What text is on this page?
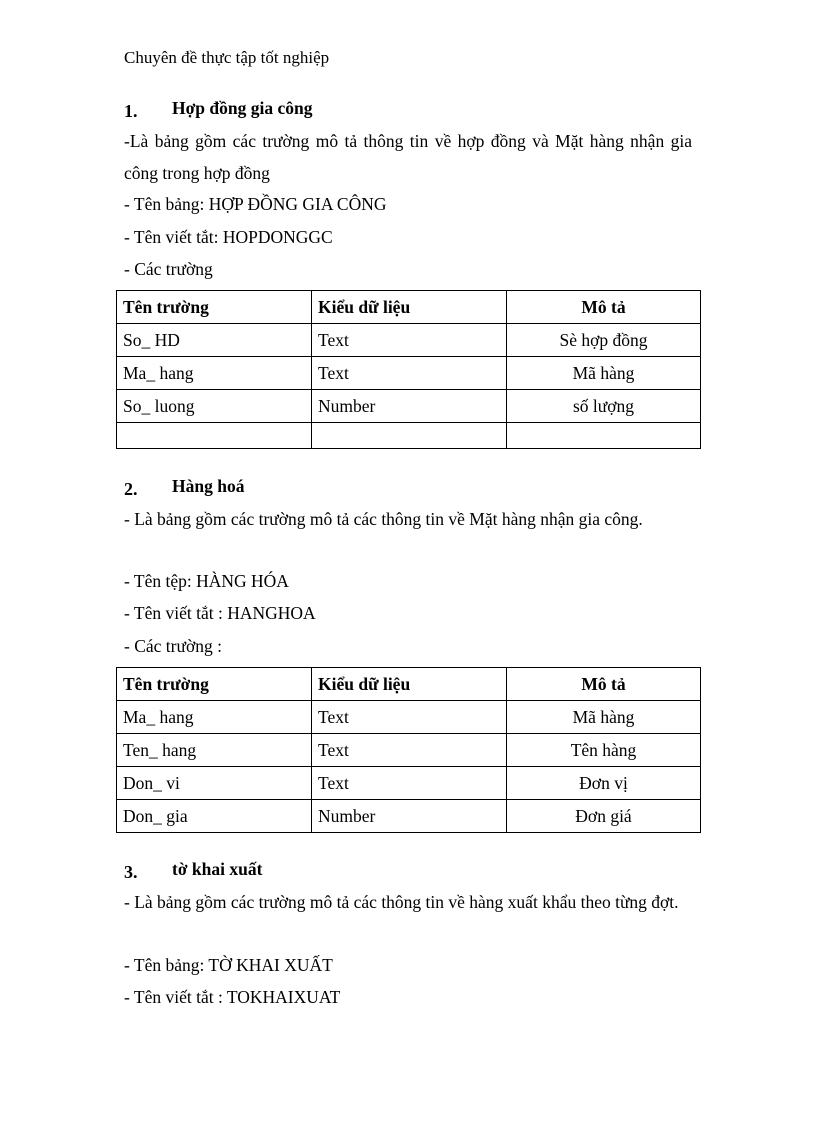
Chuyên đề thực tập tốt nghiệp
1. Hợp đồng gia công
-Là bảng gồm các trường mô tả thông tin về hợp đồng và Mặt hàng nhận gia công trong hợp đồng
- Tên bảng: HỢP ĐỒNG GIA CÔNG
- Tên viết tắt: HOPDONGGC
- Các trường
Tên trường	Kiểu dữ liệu	Mô tả
So_ HD	Text	Sè hợp đồng
Ma_ hang	Text	Mã hàng
So_ luong	Number	số lượng

2. Hàng hoá
- Là bảng gồm các trường mô tả các thông tin về Mặt hàng nhận gia công.
- Tên tệp: HÀNG HÓA
- Tên viết tắt : HANGHOA
- Các trường :
Tên trường	Kiểu dữ liệu	Mô tả
Ma_ hang	Text	Mã hàng
Ten_ hang	Text	Tên hàng
Don_ vi	Text	Đơn vị
Don_ gia	Number	Đơn giá
3. tờ khai xuất
- Là bảng gồm các trường mô tả các thông tin về hàng xuất khẩu theo từng đợt.
- Tên bảng: TỜ KHAI XUẤT
- Tên viết tắt : TOKHAIXUAT
